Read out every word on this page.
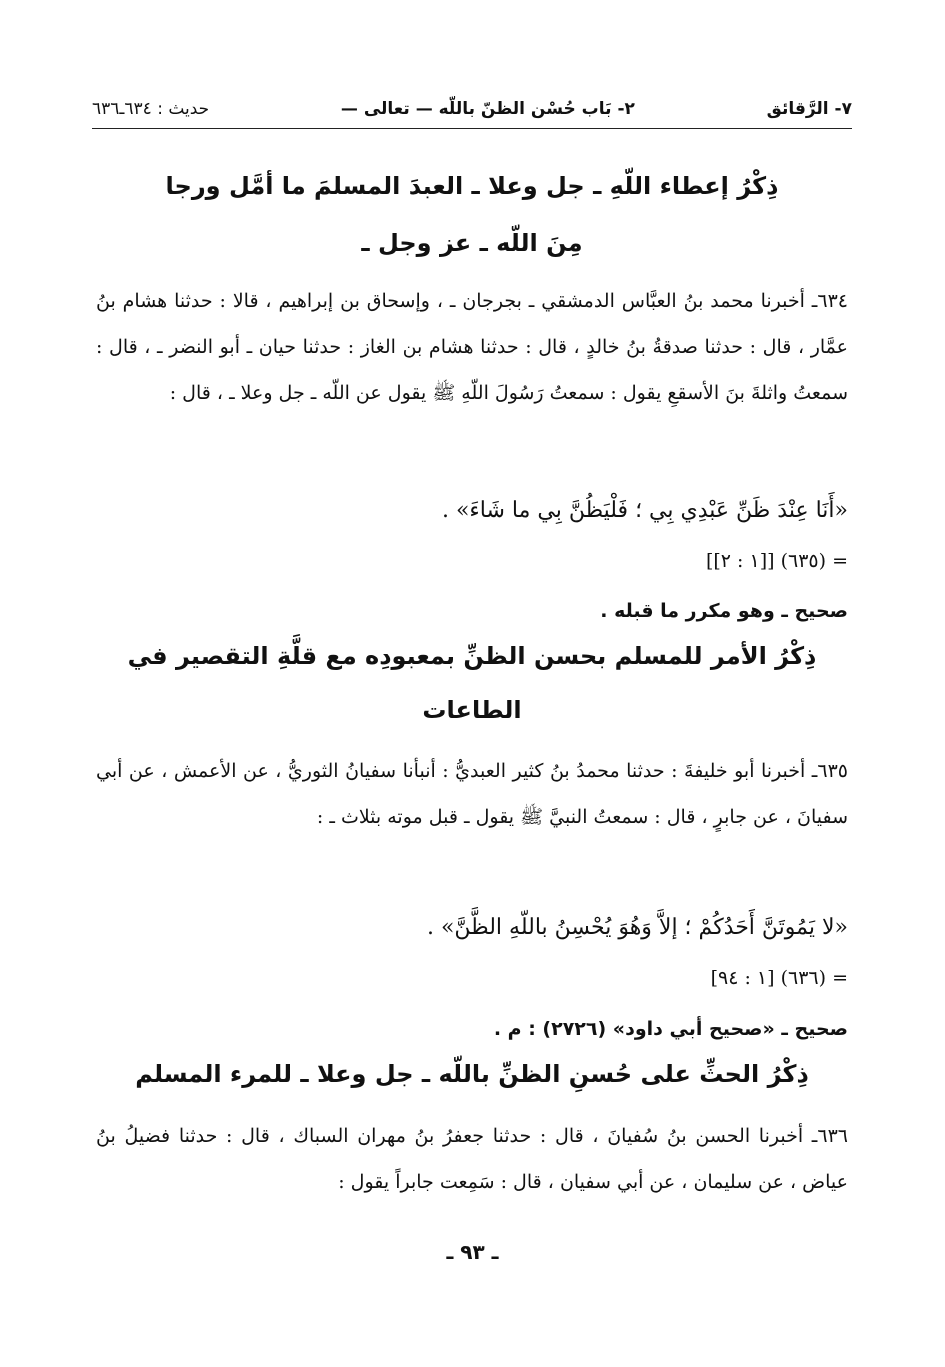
٧- الرَّقائق
٢- بَاب حُسْن الظنّ باللّه — تعالى —
حديث : ٦٣٤ـ٦٣٦
ذِكْرُ إعطاء اللّهِ ـ جل وعلا ـ العبدَ المسلمَ ما أمَّل ورجا
مِنَ اللّه ـ عز وجل ـ
٦٣٤ـ أخبرنا محمد بنُ العبَّاس الدمشقي ـ بجرجان ـ ، وإسحاق بن إبراهيم ، قالا : حدثنا هشام بنُ عمَّار ، قال : حدثنا صدقةُ بنُ خالدٍ ، قال : حدثنا هشام بن الغاز : حدثنا حيان ـ أبو النضر ـ ، قال : سمعتُ واثلةَ بنَ الأسقعِ يقول : سمعتُ رَسُولَ اللّهِ ﷺ يقول عن اللّه ـ جل وعلا ـ ، قال :
«أَنَا عِنْدَ ظَنِّ عَبْدِي بِي ؛ فَلْيَظُنَّ بِي ما شَاءَ» .
= (٦٣٥) [[١ : ٢]]
صحيح ـ وهو مكرر ما قبله .
ذِكْرُ الأمر للمسلم بحسن الظنِّ بمعبودِه مع قلَّةِ التقصير في
الطاعات
٦٣٥ـ أخبرنا أبو خليفةَ : حدثنا محمدُ بنُ كثير العبديُّ : أنبأنا سفيانُ الثوريُّ ، عن الأعمش ، عن أبي سفيانَ ، عن جابرٍ ، قال : سمعتُ النبيَّ ﷺ يقول ـ قبل موته بثلاث ـ :
«لا يَمُوتَنَّ أَحَدُكُمْ ؛ إلاَّ وَهُوَ يُحْسِنُ باللّهِ الظَّنَّ» .
= (٦٣٦) [١ : ٩٤]
صحيح ـ «صحيح أبي داود» (٢٧٢٦) : م .
ذِكْرُ الحثِّ على حُسنِ الظنِّ باللّه ـ جل وعلا ـ للمرء المسلم
٦٣٦ـ أخبرنا الحسن بنُ سُفيانَ ، قال : حدثنا جعفرُ بنُ مهران السباك ، قال : حدثنا فضيلُ بنُ عياض ، عن سليمان ، عن أبي سفيان ، قال : سَمِعت جابراً يقول :
ـ ٩٣ ـ
